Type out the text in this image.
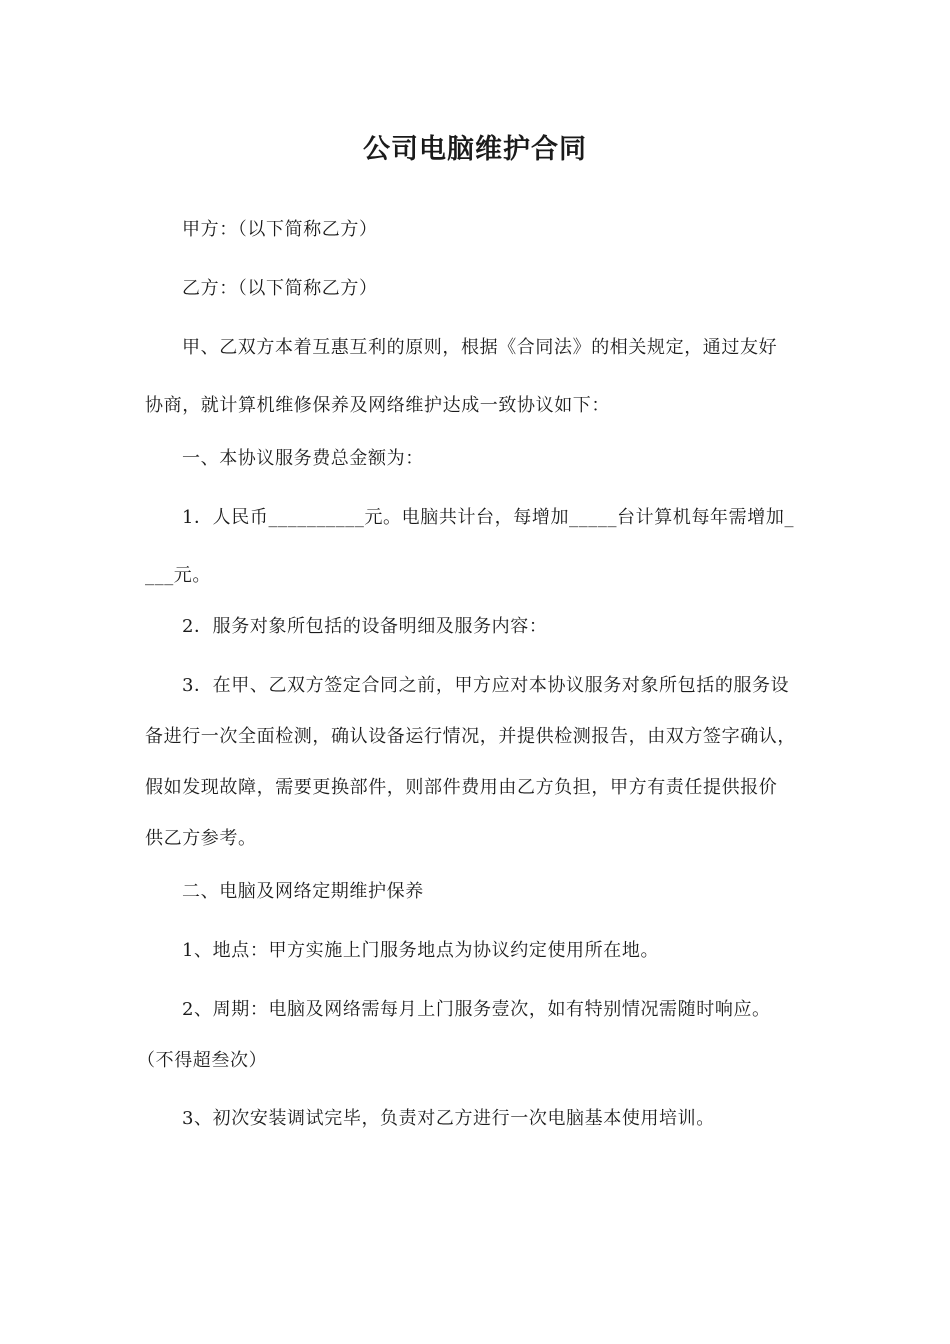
公司电脑维护合同
甲方：（以下简称乙方）
乙方：（以下简称乙方）
甲、乙双方本着互惠互利的原则，根据《合同法》的相关规定，通过友好
协商，就计算机维修保养及网络维护达成一致协议如下：
一、本协议服务费总金额为：
1．人民币__________元。电脑共计台，每增加_____台计算机每年需增加_
___元。
2．服务对象所包括的设备明细及服务内容：
3．在甲、乙双方签定合同之前，甲方应对本协议服务对象所包括的服务设
备进行一次全面检测，确认设备运行情况，并提供检测报告，由双方签字确认，
假如发现故障，需要更换部件，则部件费用由乙方负担，甲方有责任提供报价
供乙方参考。
二、电脑及网络定期维护保养
1、地点：甲方实施上门服务地点为协议约定使用所在地。
2、周期：电脑及网络需每月上门服务壹次，如有特别情况需随时响应。
（不得超叁次）
3、初次安装调试完毕，负责对乙方进行一次电脑基本使用培训。
